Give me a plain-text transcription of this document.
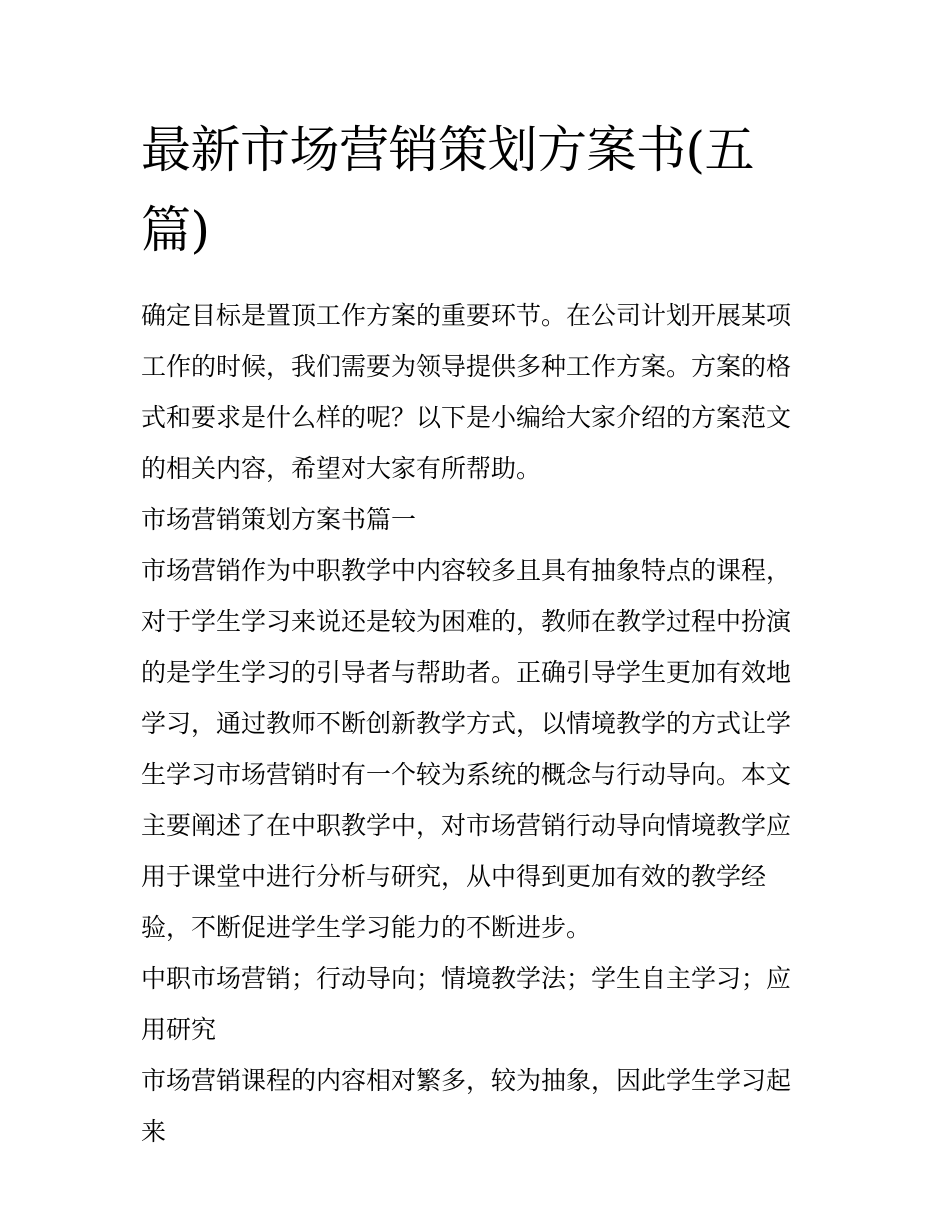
最新市场营销策划方案书(五篇)

确定目标是置顶工作方案的重要环节。在公司计划开展某项工作的时候，我们需要为领导提供多种工作方案。方案的格式和要求是什么样的呢？以下是小编给大家介绍的方案范文的相关内容，希望对大家有所帮助。

市场营销策划方案书篇一

市场营销作为中职教学中内容较多且具有抽象特点的课程，对于学生学习来说还是较为困难的，教师在教学过程中扮演的是学生学习的引导者与帮助者。正确引导学生更加有效地学习，通过教师不断创新教学方式，以情境教学的方式让学生学习市场营销时有一个较为系统的概念与行动导向。本文主要阐述了在中职教学中，对市场营销行动导向情境教学应用于课堂中进行分析与研究，从中得到更加有效的教学经验，不断促进学生学习能力的不断进步。

中职市场营销；行动导向；情境教学法；学生自主学习；应用研究

市场营销课程的内容相对繁多，较为抽象，因此学生学习起来
